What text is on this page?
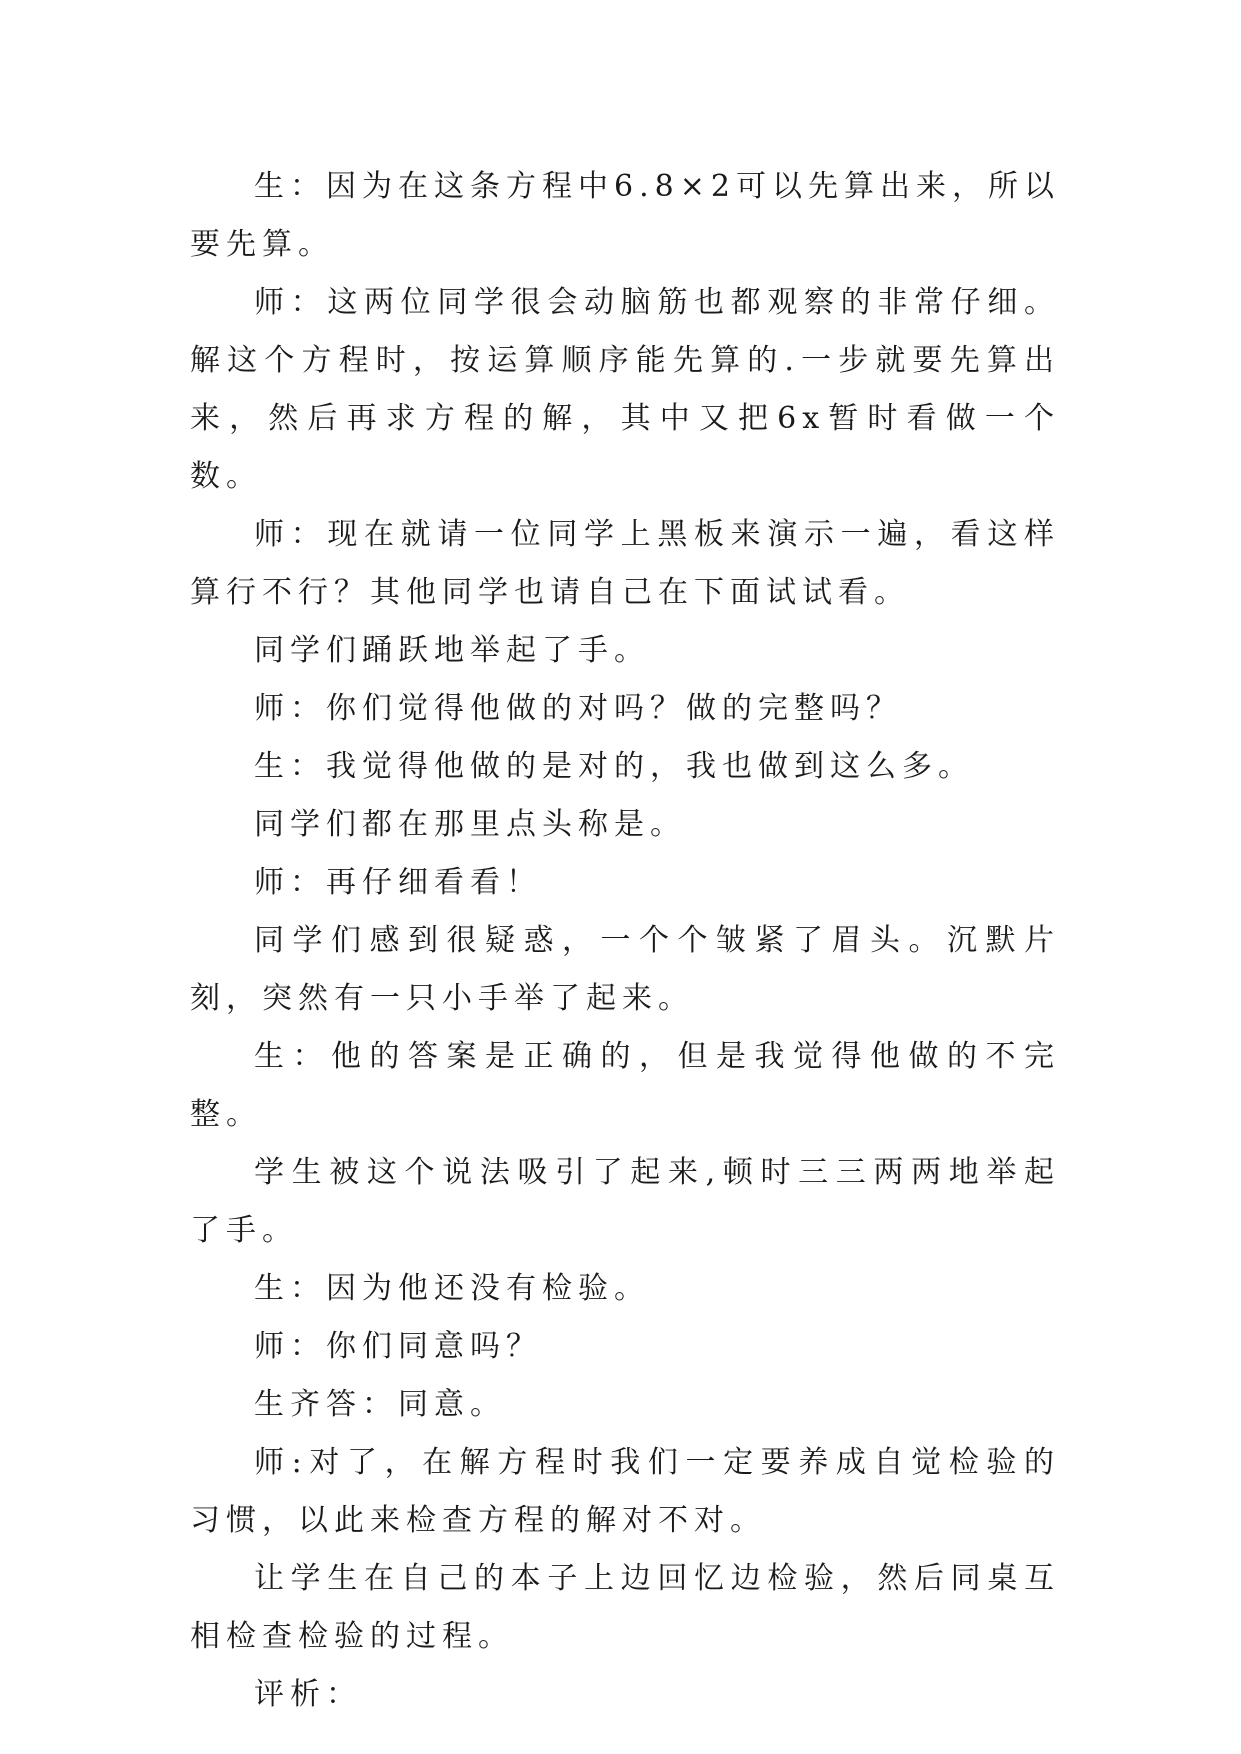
生：因为在这条方程中6.8×2可以先算出来，所以要先算。

师：这两位同学很会动脑筋也都观察的非常仔细。解这个方程时，按运算顺序能先算的.一步就要先算出来，然后再求方程的解，其中又把6x暂时看做一个数。

师：现在就请一位同学上黑板来演示一遍，看这样算行不行？其他同学也请自己在下面试试看。

同学们踊跃地举起了手。

师：你们觉得他做的对吗？做的完整吗？

生：我觉得他做的是对的，我也做到这么多。

同学们都在那里点头称是。

师：再仔细看看！

同学们感到很疑惑，一个个皱紧了眉头。沉默片刻，突然有一只小手举了起来。

生：他的答案是正确的，但是我觉得他做的不完整。

学生被这个说法吸引了起来,顿时三三两两地举起了手。

生：因为他还没有检验。

师：你们同意吗？

生齐答：同意。

师:对了，在解方程时我们一定要养成自觉检验的习惯，以此来检查方程的解对不对。

让学生在自己的本子上边回忆边检验，然后同桌互相检查检验的过程。

评析：
